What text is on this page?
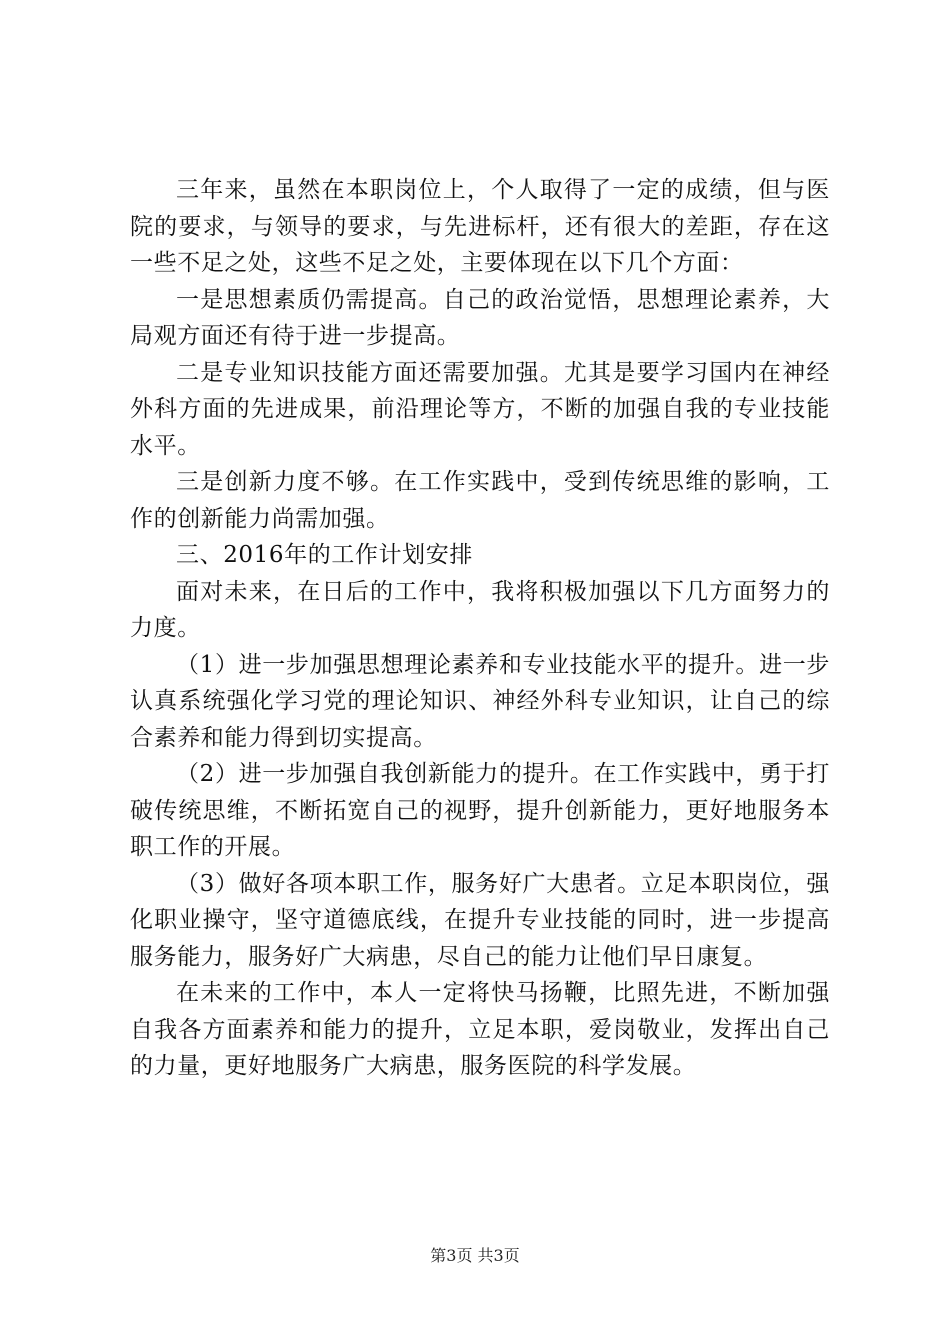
三年来，虽然在本职岗位上，个人取得了一定的成绩，但与医院的要求，与领导的要求，与先进标杆，还有很大的差距，存在这一些不足之处，这些不足之处，主要体现在以下几个方面：

一是思想素质仍需提高。自己的政治觉悟，思想理论素养，大局观方面还有待于进一步提高。

二是专业知识技能方面还需要加强。尤其是要学习国内在神经外科方面的先进成果，前沿理论等方，不断的加强自我的专业技能水平。

三是创新力度不够。在工作实践中，受到传统思维的影响，工作的创新能力尚需加强。

三、2016年的工作计划安排

面对未来，在日后的工作中，我将积极加强以下几方面努力的力度。

（1）进一步加强思想理论素养和专业技能水平的提升。进一步认真系统强化学习党的理论知识、神经外科专业知识，让自己的综合素养和能力得到切实提高。

（2）进一步加强自我创新能力的提升。在工作实践中，勇于打破传统思维，不断拓宽自己的视野，提升创新能力，更好地服务本职工作的开展。

（3）做好各项本职工作，服务好广大患者。立足本职岗位，强化职业操守，坚守道德底线，在提升专业技能的同时，进一步提高服务能力，服务好广大病患，尽自己的能力让他们早日康复。

在未来的工作中，本人一定将快马扬鞭，比照先进，不断加强自我各方面素养和能力的提升，立足本职，爱岗敬业，发挥出自己的力量，更好地服务广大病患，服务医院的科学发展。

第3页 共3页
